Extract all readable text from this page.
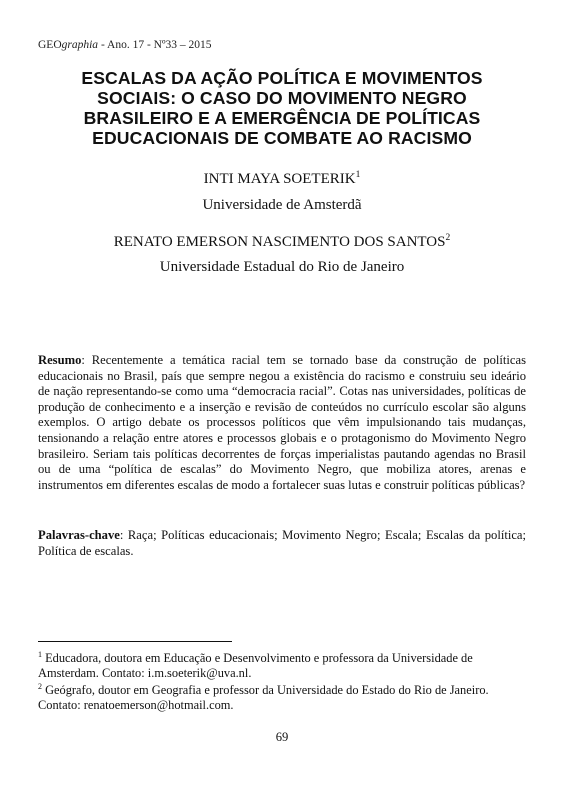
GEOgraphia - Ano. 17 - Nº33 – 2015
ESCALAS DA AÇÃO POLÍTICA E MOVIMENTOS
SOCIAIS: O CASO DO MOVIMENTO NEGRO
BRASILEIRO E A EMERGÊNCIA DE POLÍTICAS
EDUCACIONAIS DE COMBATE AO RACISMO
INTI MAYA SOETERIK$^1$
Universidade de Amsterdã
RENATO EMERSON NASCIMENTO DOS SANTOS$^2$
Universidade Estadual do Rio de Janeiro

Resumo: Recentemente a temática racial tem se tornado base da construção de políticas educacionais no Brasil, país que sempre negou a existência do racismo e construiu seu ideário de nação representando-se como uma “democracia racial”. Cotas nas universidades, políticas de produção de conhecimento e a inserção e revisão de conteúdos no currículo escolar são alguns exemplos. O artigo debate os processos políticos que vêm impulsionando tais mudanças, tensionando a relação entre atores e processos globais e o protagonismo do Movimento Negro brasileiro. Seriam tais políticas decorrentes de forças imperialistas pautando agendas no Brasil ou de uma “política de escalas” do Movimento Negro, que mobiliza atores, arenas e instrumentos em diferentes escalas de modo a fortalecer suas lutas e construir políticas públicas?

Palavras-chave: Raça; Políticas educacionais; Movimento Negro; Escala; Escalas da política; Política de escalas.

$^1$ Educadora, doutora em Educação e Desenvolvimento e professora da Universidade de Amsterdam. Contato: i.m.soeterik@uva.nl.

$^2$ Geógrafo, doutor em Geografia e professor da Universidade do Estado do Rio de Janeiro. Contato: renatoemerson@hotmail.com.

69
